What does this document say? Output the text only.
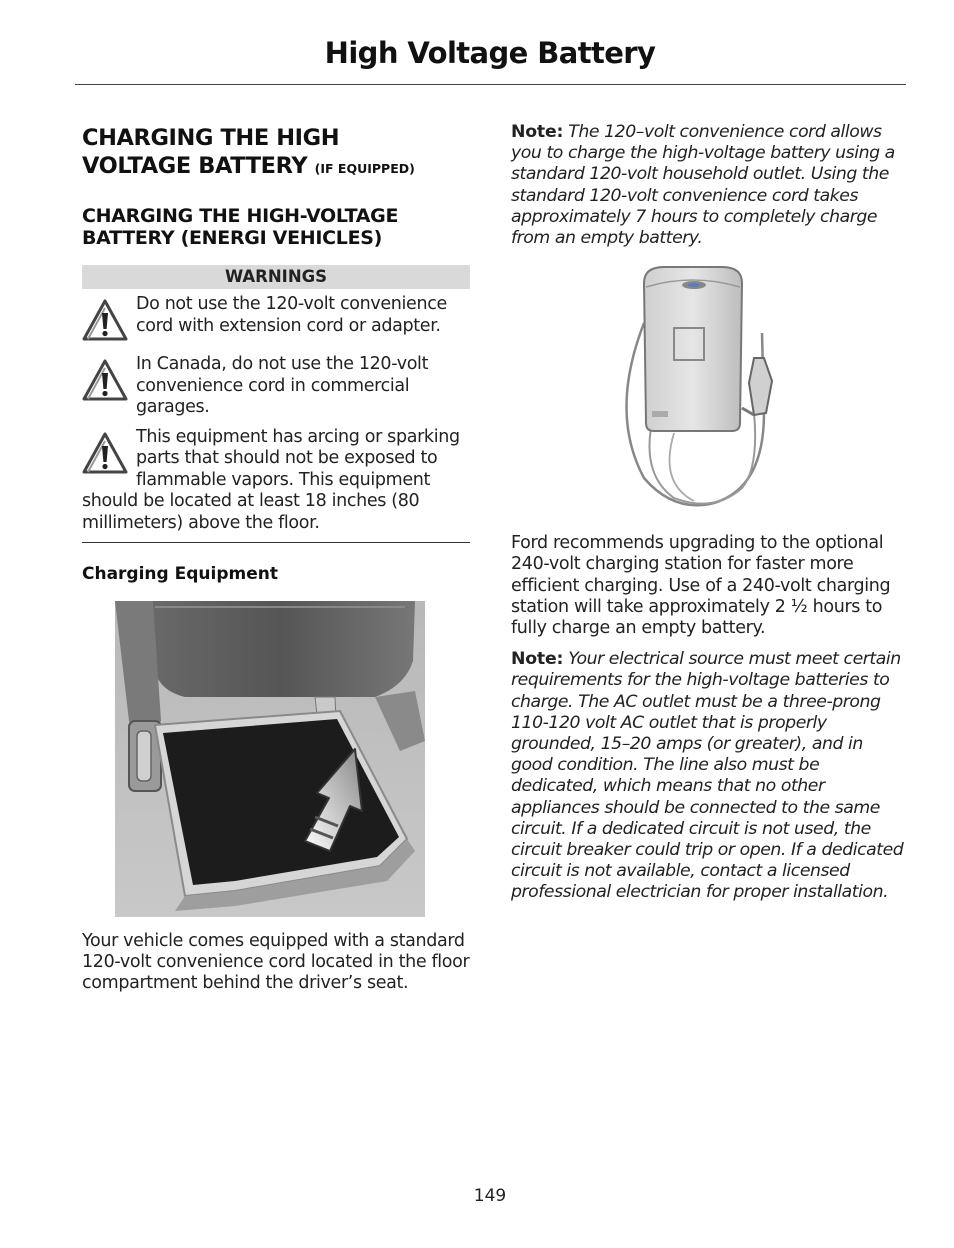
High Voltage Battery
CHARGING THE HIGH
VOLTAGE BATTERY (IF EQUIPPED)
CHARGING THE HIGH-VOLTAGE BATTERY (ENERGI VEHICLES)
WARNINGS
Do not use the 120-volt convenience cord with extension cord or adapter.
In Canada, do not use the 120-volt convenience cord in commercial garages.
This equipment has arcing or sparking parts that should not be exposed to flammable vapors. This equipment should be located at least 18 inches (80 millimeters) above the floor.
Charging Equipment

Your vehicle comes equipped with a standard 120-volt convenience cord located in the floor compartment behind the driver’s seat.

Note: The 120–volt convenience cord allows you to charge the high-voltage battery using a standard 120-volt household outlet. Using the standard 120-volt convenience cord takes approximately 7 hours to completely charge from an empty battery.

Ford recommends upgrading to the optional 240-volt charging station for faster more efficient charging. Use of a 240-volt charging station will take approximately 2 ½ hours to fully charge an empty battery.

Note: Your electrical source must meet certain requirements for the high-voltage batteries to charge. The AC outlet must be a three-prong 110-120 volt AC outlet that is properly grounded, 15–20 amps (or greater), and in good condition. The line also must be dedicated, which means that no other appliances should be connected to the same circuit. If a dedicated circuit is not used, the circuit breaker could trip or open. If a dedicated circuit is not available, contact a licensed professional electrician for proper installation.

149
